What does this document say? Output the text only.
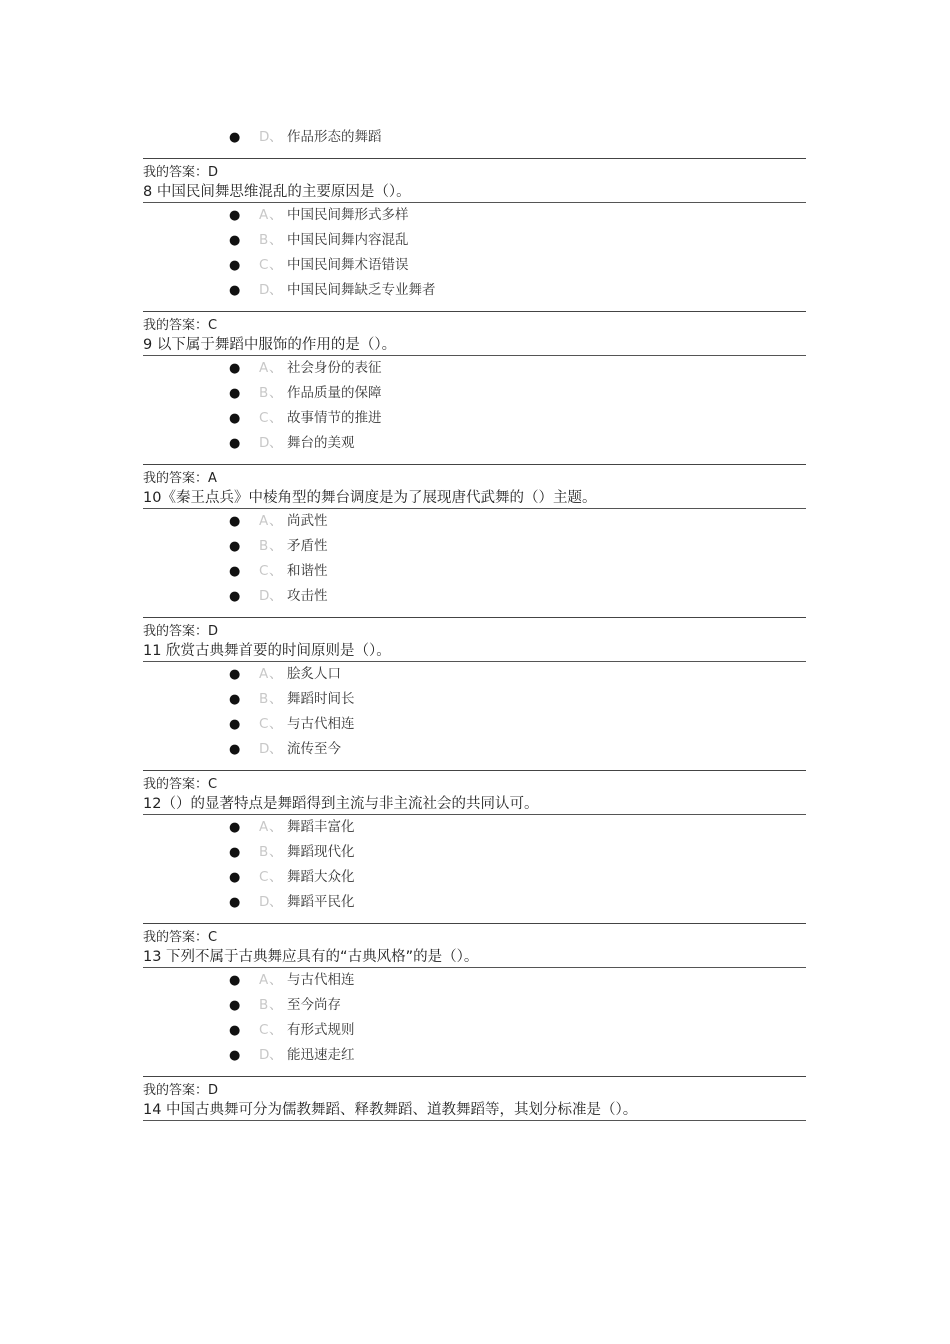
● D 、 作品形态的舞蹈
我的答案：D
8 中国民间舞思维混乱的主要原因是（）。
● A 、 中国民间舞形式多样
● B 、 中国民间舞内容混乱
● C 、 中国民间舞术语错误
● D 、 中国民间舞缺乏专业舞者
我的答案：C
9 以下属于舞蹈中服饰的作用的是（）。
● A 、 社会身份的表征
● B 、 作品质量的保障
● C 、 故事情节的推进
● D 、 舞台的美观
我的答案：A
10《秦王点兵》中棱角型的舞台调度是为了展现唐代武舞的（）主题。
● A 、 尚武性
● B 、 矛盾性
● C 、 和谐性
● D 、 攻击性
我的答案：D
11 欣赏古典舞首要的时间原则是（）。
● A 、 脍炙人口
● B 、 舞蹈时间长
● C 、 与古代相连
● D 、 流传至今
我的答案：C
12（）的显著特点是舞蹈得到主流与非主流社会的共同认可。
● A 、 舞蹈丰富化
● B 、 舞蹈现代化
● C 、 舞蹈大众化
● D 、 舞蹈平民化
我的答案：C
13 下列不属于古典舞应具有的“古典风格”的是（）。
● A 、 与古代相连
● B 、 至今尚存
● C 、 有形式规则
● D 、 能迅速走红
我的答案：D
14 中国古典舞可分为儒教舞蹈、释教舞蹈、道教舞蹈等，其划分标准是（）。
